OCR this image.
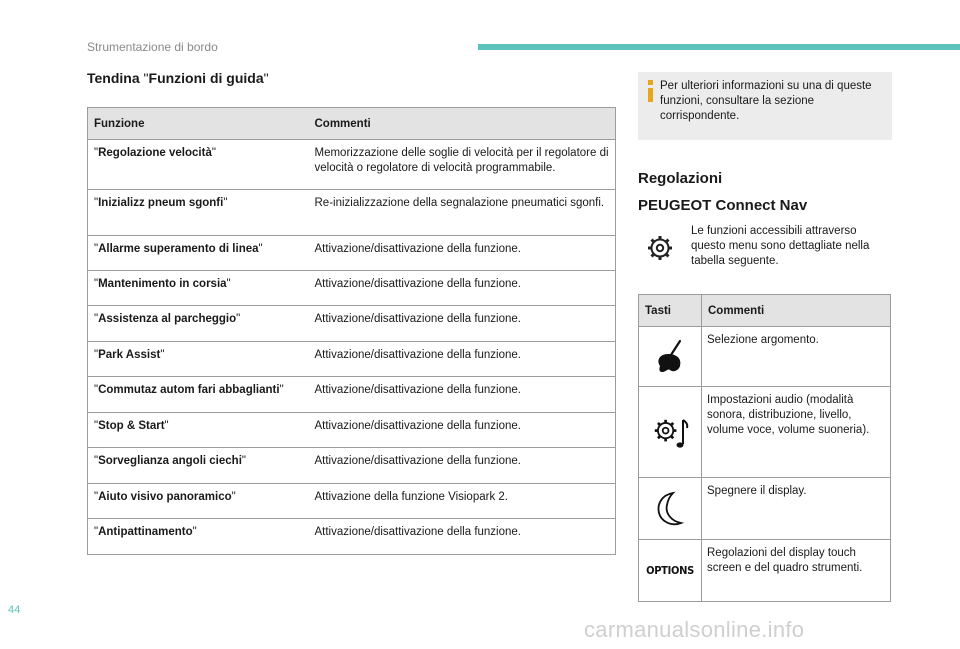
Strumentazione di bordo
Tendina "Funzioni di guida"
Funzione	Commenti
"Regolazione velocità"	Memorizzazione delle soglie di velocità per il regolatore di velocità o regolatore di velocità programmabile.
"Inizializz pneum sgonfi"	Re-inizializzazione della segnalazione pneumatici sgonfi.
"Allarme superamento di linea"	Attivazione/disattivazione della funzione.
"Mantenimento in corsia"	Attivazione/disattivazione della funzione.
"Assistenza al parcheggio"	Attivazione/disattivazione della funzione.
"Park Assist"	Attivazione/disattivazione della funzione.
"Commutaz autom fari abbaglianti"	Attivazione/disattivazione della funzione.
"Stop & Start"	Attivazione/disattivazione della funzione.
"Sorveglianza angoli ciechi"	Attivazione/disattivazione della funzione.
"Aiuto visivo panoramico"	Attivazione della funzione Visiopark 2.
"Antipattinamento"	Attivazione/disattivazione della funzione.
Per ulteriori informazioni su una di queste funzioni, consultare la sezione corrispondente.
Regolazioni
PEUGEOT Connect Nav
Le funzioni accessibili attraverso questo menu sono dettagliate nella tabella seguente.
Tasti	Commenti

	Selezione argomento.

	Impostazioni audio (modalità sonora, distribuzione, livello, volume voce, volume suoneria).

	Spegnere il display.

OPTIONS	Regolazioni del display touch screen e del quadro strumenti.
44
carmanualsonline.info
